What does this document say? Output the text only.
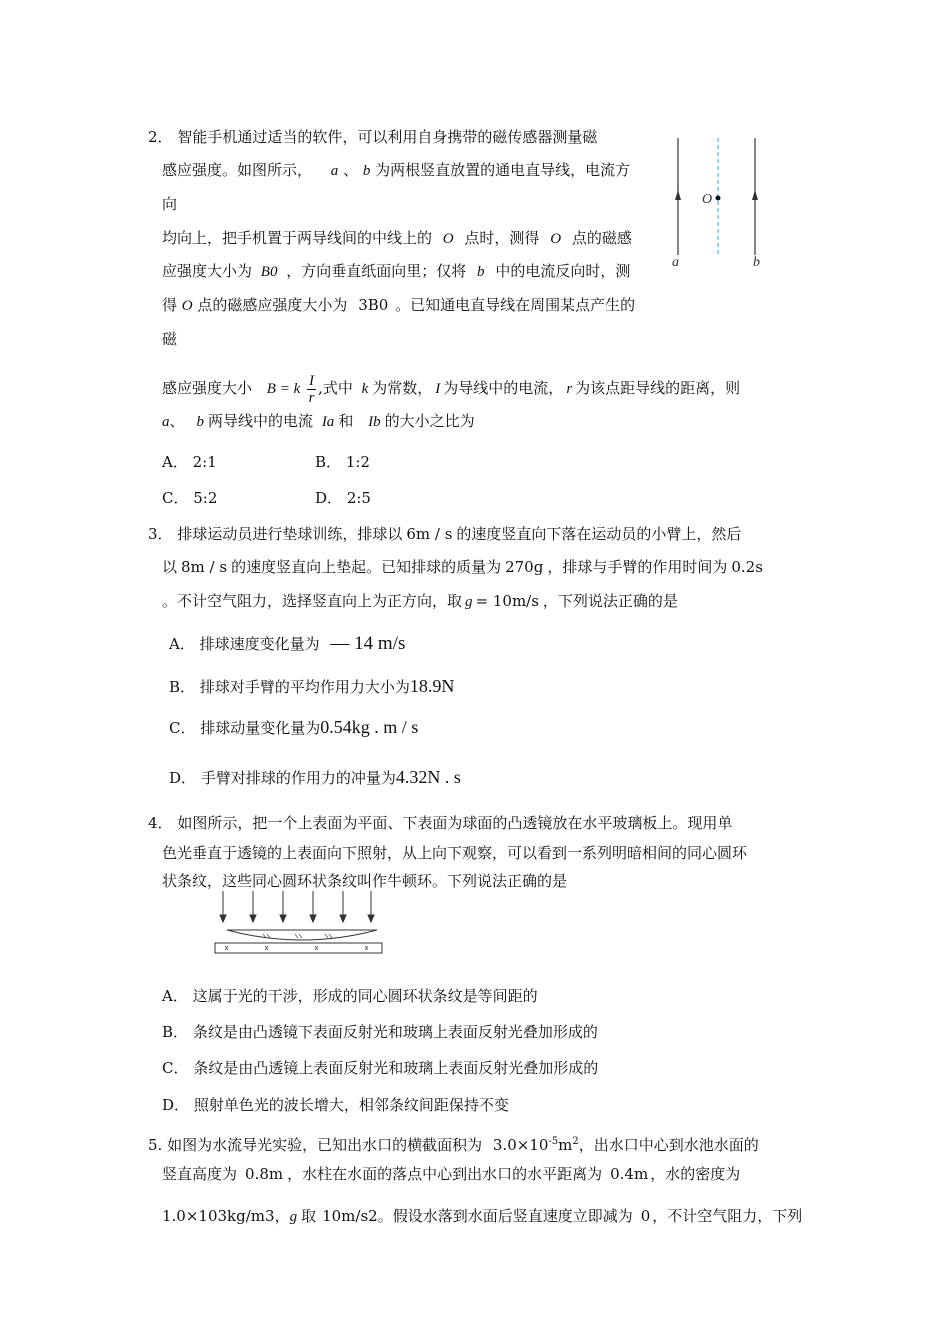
2． 智能手机通过适当的软件，可以利用自身携带的磁传感器测量磁
感应强度。如图所示， a 、 b 为两根竖直放置的通电直导线，电流方
向
均向上，把手机置于两导线间的中线上的 O 点时，测得 O 点的磁感
应强度大小为 B0 ，方向垂直纸面向里；仅将 b 中的电流反向时，测
得 O 点的磁感应强度大小为 3B0 。已知通电直导线在周围某点产生的
磁
感应强度大小 B = k $\frac{I}{r}$ ,式中 k 为常数， I 为导线中的电流， r 为该点距导线的距离，则
a、 b 两导线中的电流 Ia 和 Ib 的大小之比为
A． 2:1	B． 1:2
C． 5:2	D． 2:5
O
a	b
3． 排球运动员进行垫球训练，排球以 6m / s 的速度竖直向下落在运动员的小臂上，然后
以 8m / s 的速度竖直向上垫起。已知排球的质量为 270g ，排球与手臂的作用时间为 0.2s
。不计空气阻力，选择竖直向上为正方向，取 g = 10m/s ，下列说法正确的是
A． 排球速度变化量为 — 14 m/s
B． 排球对手臂的平均作用力大小为18.9N
C． 排球动量变化量为0.54kg . m / s
D． 手臂对排球的作用力的冲量为4.32N . s
4． 如图所示，把一个上表面为平面、下表面为球面的凸透镜放在水平玻璃板上。现用单
色光垂直于透镜的上表面向下照射，从上向下观察，可以看到一系列明暗相间的同心圆环
状条纹，这些同心圆环状条纹叫作牛顿环。下列说法正确的是
A． 这属于光的干涉，形成的同心圆环状条纹是等间距的
B． 条纹是由凸透镜下表面反射光和玻璃上表面反射光叠加形成的
C． 条纹是由凸透镜上表面反射光和玻璃上表面反射光叠加形成的
D． 照射单色光的波长增大，相邻条纹间距保持不变
5. 如图为水流导光实验，已知出水口的横截面积为 $3.0\times 10^{-5}m^2$，出水口中心到水池水面的
竖直高度为 0.8m ，水柱在水面的落点中心到出水口的水平距离为 0.4m ，水的密度为
1.0×103kg/m3，g 取 10m/s2。假设水落到水面后竖直速度立即减为 0 ，不计空气阻力，下列
